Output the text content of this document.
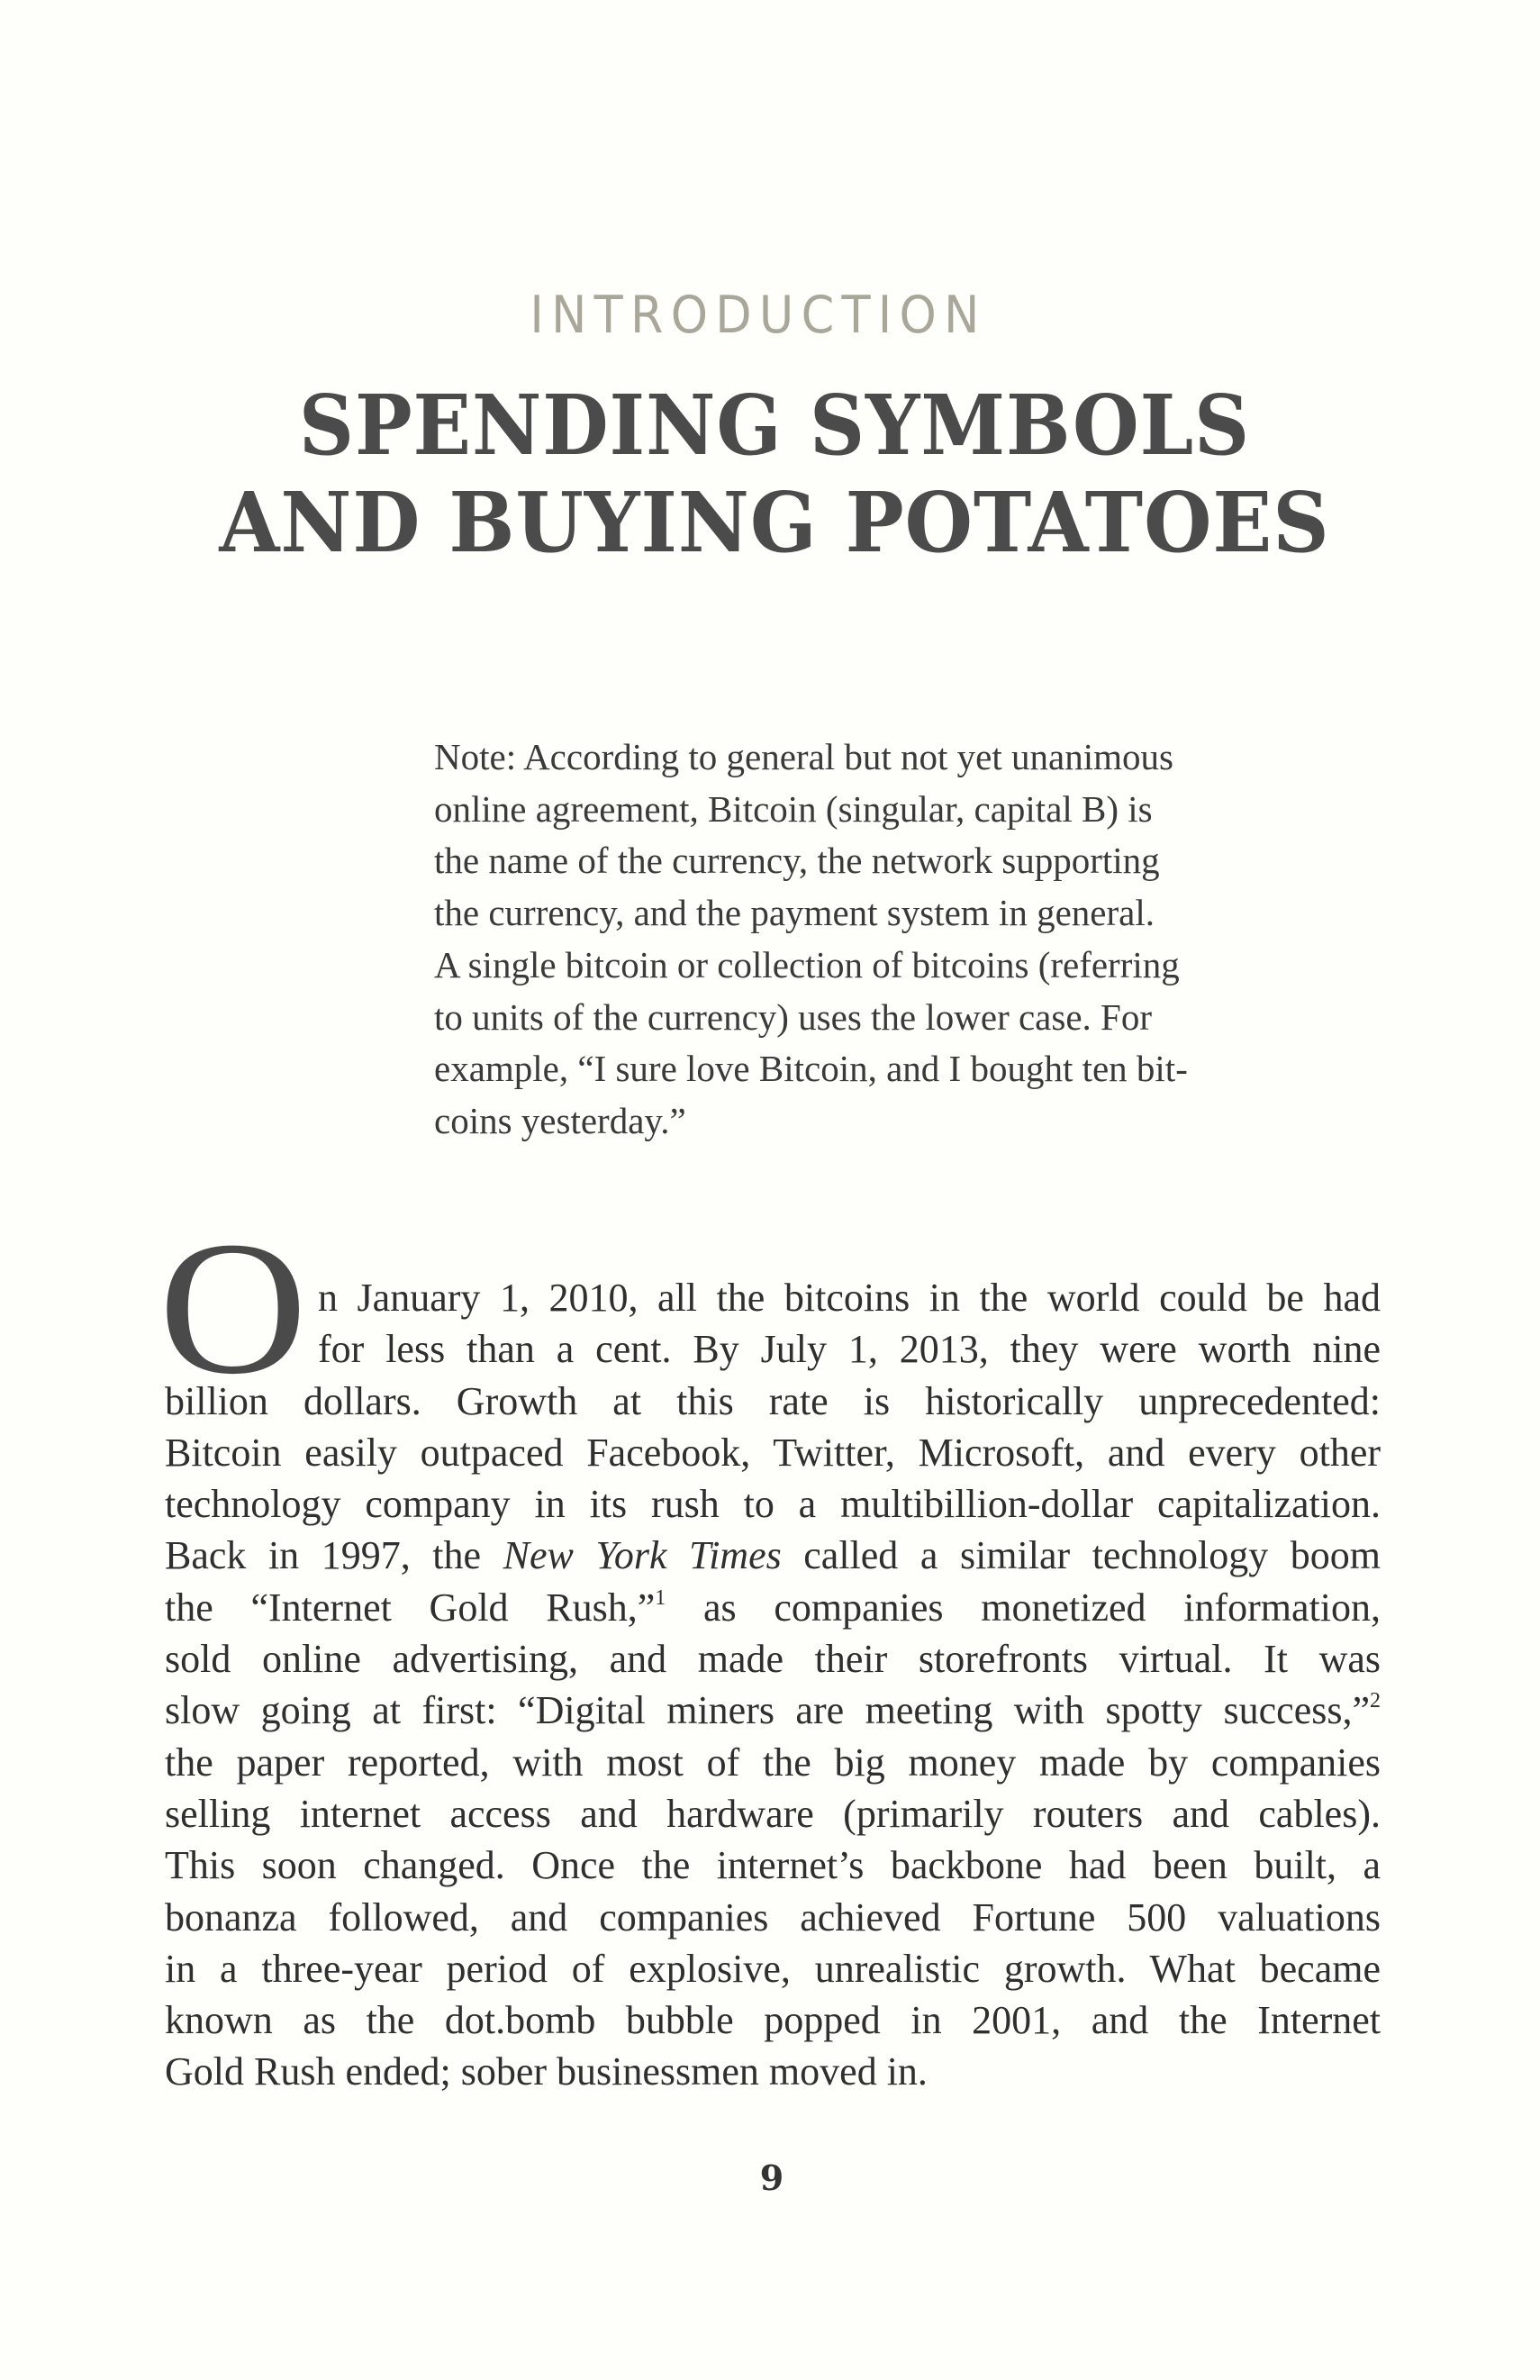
INTRODUCTION
SPENDING SYMBOLS
AND BUYING POTATOES
Note: According to general but not yet unanimous
online agreement, Bitcoin (singular, capital B) is
the name of the currency, the network supporting
the currency, and the payment system in general.
A single bitcoin or collection of bitcoins (referring
to units of the currency) uses the lower case. For
example, “I sure love Bitcoin, and I bought ten bit-
coins yesterday.”
O n January 1, 2010, all the bitcoins in the world could be had
for less than a cent. By July 1, 2013, they were worth nine
billion dollars. Growth at this rate is historically unprecedented:
Bitcoin easily outpaced Facebook, Twitter, Microsoft, and every other
technology company in its rush to a multibillion-dollar capitalization.
Back in 1997, the New York Times called a similar technology boom
the “Internet Gold Rush,”$^1$ as companies monetized information,
sold online advertising, and made their storefronts virtual. It was
slow going at first: “Digital miners are meeting with spotty success,”$^2$
the paper reported, with most of the big money made by companies
selling internet access and hardware (primarily routers and cables).
This soon changed. Once the internet’s backbone had been built, a
bonanza followed, and companies achieved Fortune 500 valuations
in a three-year period of explosive, unrealistic growth. What became
known as the dot.bomb bubble popped in 2001, and the Internet
Gold Rush ended; sober businessmen moved in.
9
